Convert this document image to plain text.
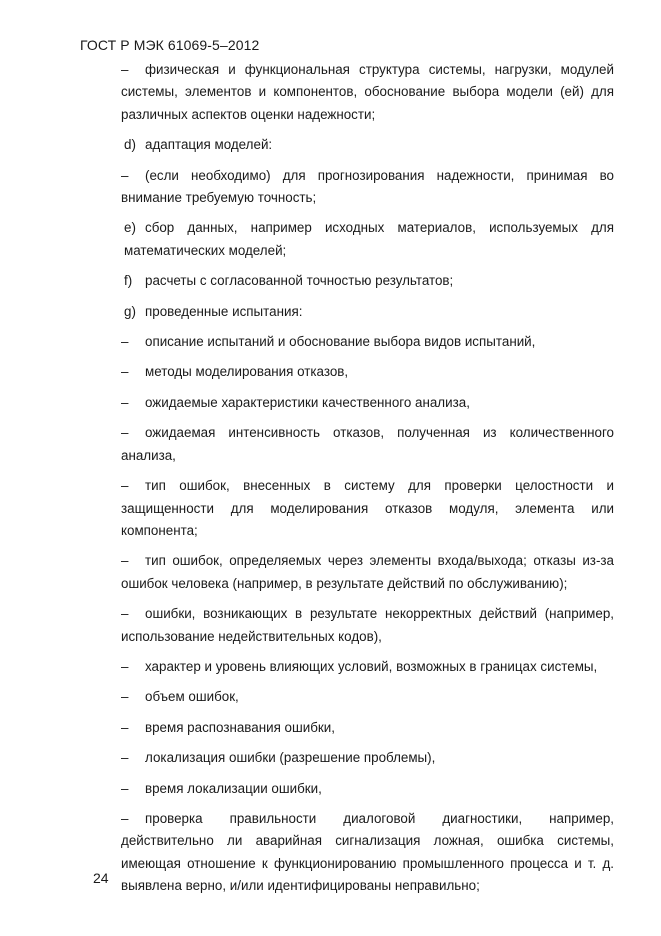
ГОСТ Р МЭК 61069-5–2012

– физическая и функциональная структура системы, нагрузки, модулей системы, элементов и компонентов, обоснование выбора модели (ей) для различных аспектов оценки надежности;

d) адаптация моделей:

– (если необходимо) для прогнозирования надежности, принимая во внимание требуемую точность;

e) сбор данных, например исходных материалов, используемых для математических моделей;

f) расчеты с согласованной точностью результатов;

g) проведенные испытания:

– описание испытаний и обоснование выбора видов испытаний,

– методы моделирования отказов,

– ожидаемые характеристики качественного анализа,

– ожидаемая интенсивность отказов, полученная из количественного анализа,

– тип ошибок, внесенных в систему для проверки целостности и защищенности для моделирования отказов модуля, элемента или компонента;

– тип ошибок, определяемых через элементы входа/выхода; отказы из-за ошибок человека (например, в результате действий по обслуживанию);

– ошибки, возникающих в результате некорректных действий (например, использование недействительных кодов),

– характер и уровень влияющих условий, возможных в границах системы,

– объем ошибок,

– время распознавания ошибки,

– локализация ошибки (разрешение проблемы),

– время локализации ошибки,

– проверка правильности диалоговой диагностики, например, действительно ли аварийная сигнализация ложная, ошибка системы, имеющая отношение к функционированию промышленного процесса и т. д. выявлена верно, и/или идентифицированы неправильно;

24
